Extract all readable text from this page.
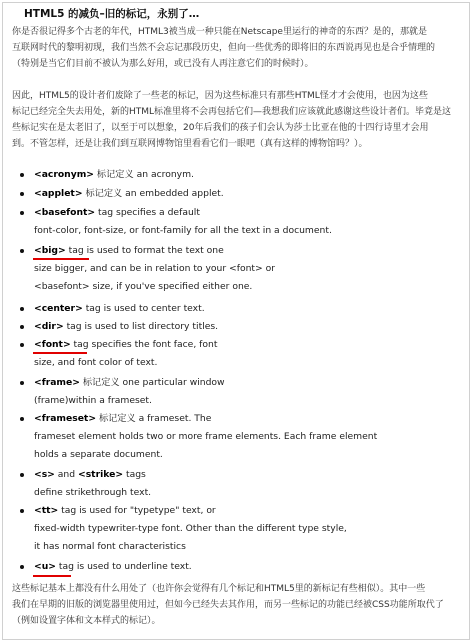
HTML5 的减负–旧的标记，永别了…
你是否很记得多个古老的年代，HTML3被当成一种只能在Netscape里运行的神奇的东西？是的，那就是
互联网时代的黎明初现，我们当然不会忘记那段历史，但向一些优秀的即将旧的东西说再见也是合乎情理的
（特别是当它们目前不被认为那么好用，或已没有人再注意它们的时候时）。
因此，HTML5的设计者们废除了一些老的标记，因为这些标准只有那些HTML怪才才会使用，也因为这些
标记已经完全失去用处，新的HTML标准里将不会再包括它们—我想我们应该就此感谢这些设计者们。毕竟是这
些标记实在是太老旧了，以至于可以想象，20年后我们的孩子们会认为莎士比亚在他的十四行诗里才会用
到。不管怎样，还是让我们到互联网博物馆里看看它们一眼吧（真有这样的博物馆吗？）。
<acronym> 标记定义 an acronym.
<applet> 标记定义 an embedded applet.
<basefont> tag specifies a default
font-color, font-size, or font-family for all the text in a document.
<big> tag is used to format the text one
size bigger, and can be in relation to your <font> or
<basefont> size, if you've specified either one.
<center> tag is used to center text.
<dir> tag is used to list directory titles.
<font> tag specifies the font face, font
size, and font color of text.
<frame> 标记定义 one particular window
(frame)within a frameset.
<frameset> 标记定义 a frameset. The
frameset element holds two or more frame elements. Each frame element
holds a separate document.
<s> and <strike> tags
define strikethrough text.
<tt> tag is used for "typetype" text, or
fixed-width typewriter-type font. Other than the different type style,
it has normal font characteristics
<u> tag is used to underline text.
这些标记基本上都没有什么用处了（也许你会觉得有几个标记和HTML5里的新标记有些相似）。其中一些
我们在早期的旧版的浏览器里使用过，但如今已经失去其作用，而另一些标记的功能已经被CSS功能所取代了
（例如设置字体和文本样式的标记）。
